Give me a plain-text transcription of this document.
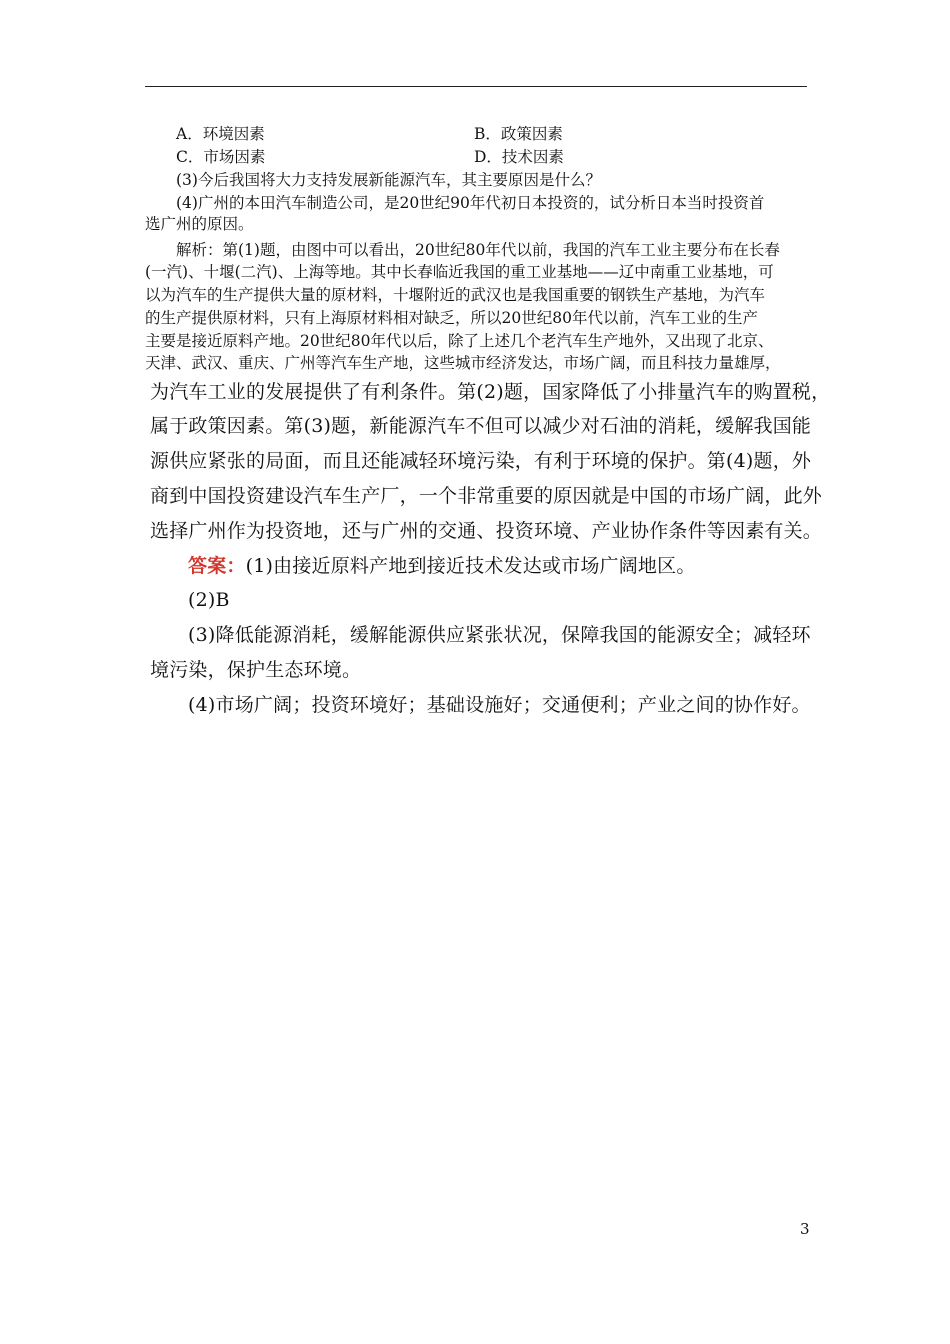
A．环境因素	B．政策因素
C．市场因素	D．技术因素
(3)今后我国将大力支持发展新能源汽车，其主要原因是什么？
(4)广州的本田汽车制造公司，是20世纪90年代初日本投资的，试分析日本当时投资首
选广州的原因。
解析：第(1)题，由图中可以看出，20世纪80年代以前，我国的汽车工业主要分布在长春
(一汽)、十堰(二汽)、上海等地。其中长春临近我国的重工业基地——辽中南重工业基地，可
以为汽车的生产提供大量的原材料，十堰附近的武汉也是我国重要的钢铁生产基地，为汽车
的生产提供原材料，只有上海原材料相对缺乏，所以20世纪80年代以前，汽车工业的生产
主要是接近原料产地。20世纪80年代以后，除了上述几个老汽车生产地外，又出现了北京、
天津、武汉、重庆、广州等汽车生产地，这些城市经济发达，市场广阔，而且科技力量雄厚，
为汽车工业的发展提供了有利条件。第(2)题，国家降低了小排量汽车的购置税，
属于政策因素。第(3)题，新能源汽车不但可以减少对石油的消耗，缓解我国能
源供应紧张的局面，而且还能减轻环境污染，有利于环境的保护。第(4)题，外
商到中国投资建设汽车生产厂，一个非常重要的原因就是中国的市场广阔，此外
选择广州作为投资地，还与广州的交通、投资环境、产业协作条件等因素有关。
答案：(1)由接近原料产地到接近技术发达或市场广阔地区。
(2)B
(3)降低能源消耗，缓解能源供应紧张状况，保障我国的能源安全；减轻环
境污染，保护生态环境。
(4)市场广阔；投资环境好；基础设施好；交通便利；产业之间的协作好。
3
